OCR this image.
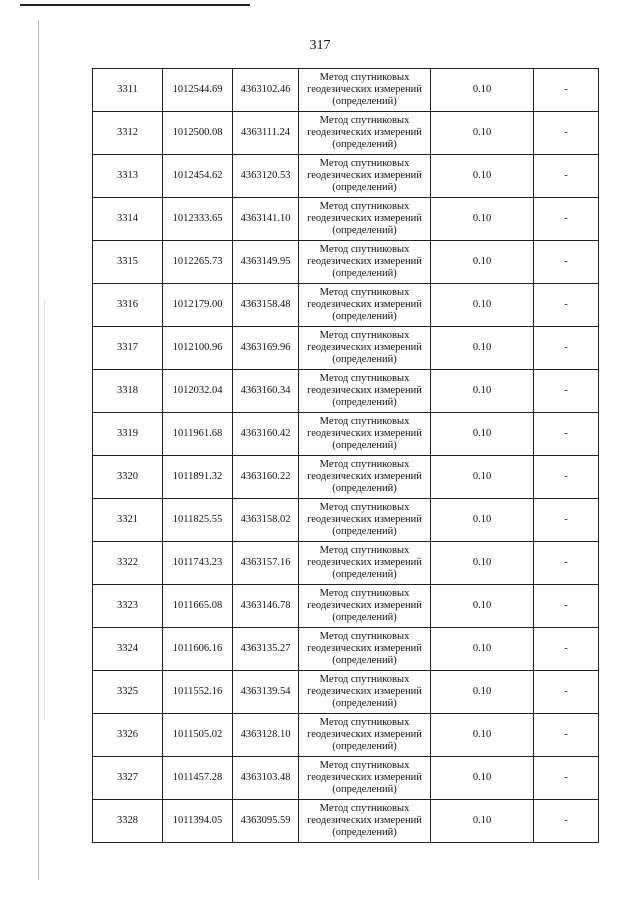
317
3311	1012544.69	4363102.46	Метод спутниковых
геодезических измерений
(определений)	0.10	-
3312	1012500.08	4363111.24	Метод спутниковых
геодезических измерений
(определений)	0.10	-
3313	1012454.62	4363120.53	Метод спутниковых
геодезических измерений
(определений)	0.10	-
3314	1012333.65	4363141.10	Метод спутниковых
геодезических измерений
(определений)	0.10	-
3315	1012265.73	4363149.95	Метод спутниковых
геодезических измерений
(определений)	0.10	-
3316	1012179.00	4363158.48	Метод спутниковых
геодезических измерений
(определений)	0.10	-
3317	1012100.96	4363169.96	Метод спутниковых
геодезических измерений
(определений)	0.10	-
3318	1012032.04	4363160.34	Метод спутниковых
геодезических измерений
(определений)	0.10	-
3319	1011961.68	4363160.42	Метод спутниковых
геодезических измерений
(определений)	0.10	-
3320	1011891.32	4363160.22	Метод спутниковых
геодезических измерений
(определений)	0.10	-
3321	1011825.55	4363158.02	Метод спутниковых
геодезических измерений
(определений)	0.10	-
3322	1011743.23	4363157.16	Метод спутниковых
геодезических измерений
(определений)	0.10	-
3323	1011665.08	4363146.78	Метод спутниковых
геодезических измерений
(определений)	0.10	-
3324	1011606.16	4363135.27	Метод спутниковых
геодезических измерений
(определений)	0.10	-
3325	1011552.16	4363139.54	Метод спутниковых
геодезических измерений
(определений)	0.10	-
3326	1011505.02	4363128.10	Метод спутниковых
геодезических измерений
(определений)	0.10	-
3327	1011457.28	4363103.48	Метод спутниковых
геодезических измерений
(определений)	0.10	-
3328	1011394.05	4363095.59	Метод спутниковых
геодезических измерений
(определений)	0.10	-
